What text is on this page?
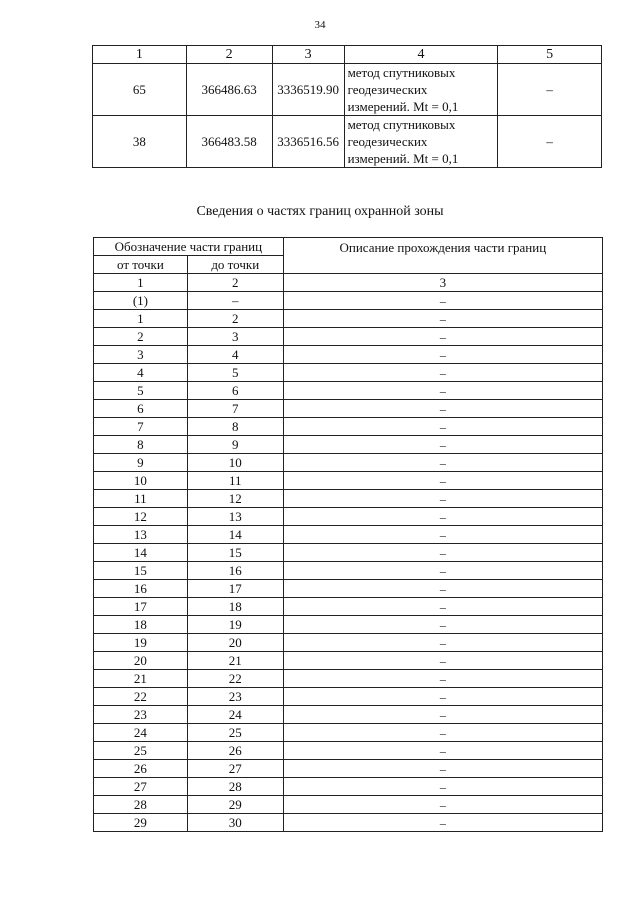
34
1	2	3	4	5
65	366486.63	3336519.90	метод спутниковых
геодезических
измерений. Mt = 0,1	–
38	366483.58	3336516.56	метод спутниковых
геодезических
измерений. Mt = 0,1	–
Сведения о частях границ охранной зоны
Обозначение части границ		Описание прохождения части границ
от точки	до точки	
1	2	3
(1)	–	–
1	2	–
2	3	–
3	4	–
4	5	–
5	6	–
6	7	–
7	8	–
8	9	–
9	10	–
10	11	–
11	12	–
12	13	–
13	14	–
14	15	–
15	16	–
16	17	–
17	18	–
18	19	–
19	20	–
20	21	–
21	22	–
22	23	–
23	24	–
24	25	–
25	26	–
26	27	–
27	28	–
28	29	–
29	30	–
